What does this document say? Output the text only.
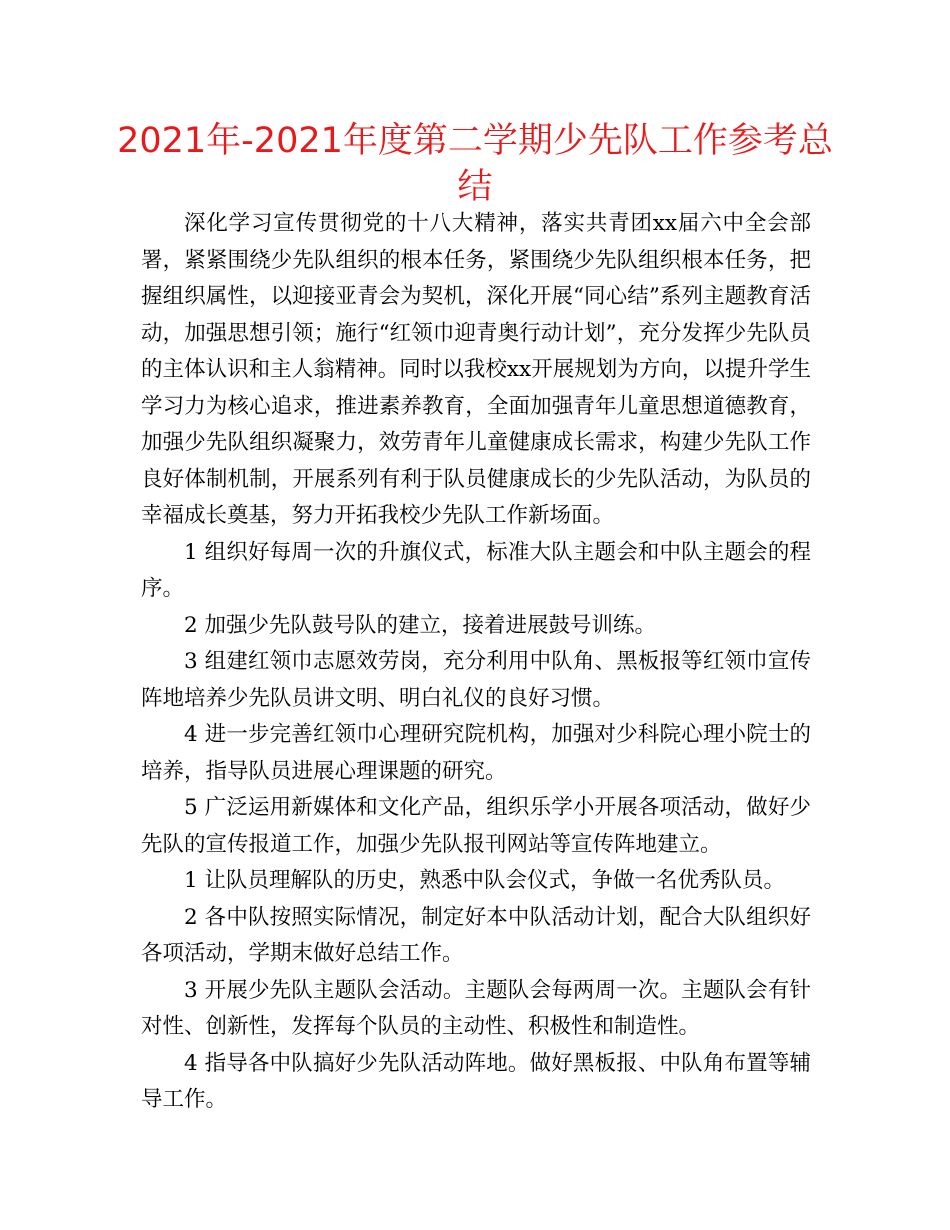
2021年-2021年度第二学期少先队工作参考总结

深化学习宣传贯彻党的十八大精神，落实共青团xx届六中全会部署，紧紧围绕少先队组织的根本任务，紧围绕少先队组织根本任务，把握组织属性，以迎接亚青会为契机，深化开展“同心结”系列主题教育活动，加强思想引领；施行“红领巾迎青奥行动计划”，充分发挥少先队员的主体认识和主人翁精神。同时以我校xx开展规划为方向，以提升学生学习力为核心追求，推进素养教育，全面加强青年儿童思想道德教育，加强少先队组织凝聚力，效劳青年儿童健康成长需求，构建少先队工作良好体制机制，开展系列有利于队员健康成长的少先队活动，为队员的幸福成长奠基，努力开拓我校少先队工作新场面。

1 组织好每周一次的升旗仪式，标准大队主题会和中队主题会的程序。

2 加强少先队鼓号队的建立，接着进展鼓号训练。

3 组建红领巾志愿效劳岗，充分利用中队角、黑板报等红领巾宣传阵地培养少先队员讲文明、明白礼仪的良好习惯。

4 进一步完善红领巾心理研究院机构，加强对少科院心理小院士的培养，指导队员进展心理课题的研究。

5 广泛运用新媒体和文化产品，组织乐学小开展各项活动，做好少先队的宣传报道工作，加强少先队报刊网站等宣传阵地建立。

1 让队员理解队的历史，熟悉中队会仪式，争做一名优秀队员。

2 各中队按照实际情况，制定好本中队活动计划，配合大队组织好各项活动，学期末做好总结工作。

3 开展少先队主题队会活动。主题队会每两周一次。主题队会有针对性、创新性，发挥每个队员的主动性、积极性和制造性。

4 指导各中队搞好少先队活动阵地。做好黑板报、中队角布置等辅导工作。
